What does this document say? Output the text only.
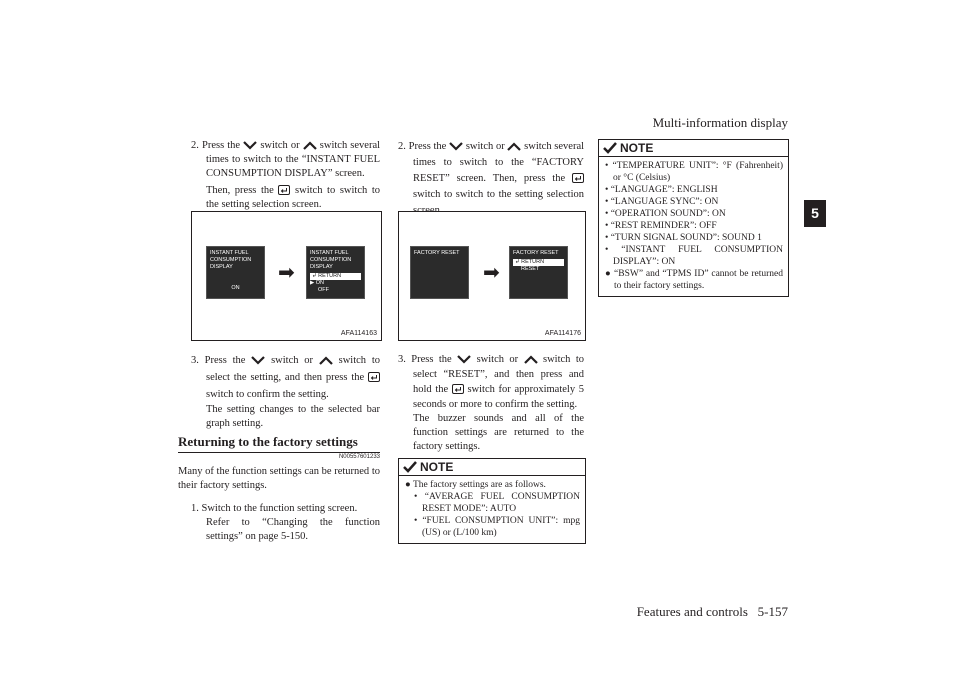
Multi-information display
Features and controls 5-157
5
2. Press the switch or switch several times to switch to the “INSTANT FUEL CONSUMPTION DISPLAY” screen.
Then, press the switch to switch to the setting selection screen.
INSTANT FUEL
CONSUMPTION DISPLAY
ON
➡
INSTANT FUEL
CONSUMPTION DISPLAY
↲ RETURN
▶ ON
OFF
AFA114163
3. Press the switch or switch to select the setting, and then press the  switch to confirm the setting.
The setting changes to the selected bar graph setting.
Returning to the factory settings
N00557601233
Many of the function settings can be returned to their factory settings.
1. Switch to the function setting screen.
Refer to “Changing the function settings” on page 5-150.
2. Press the switch or switch several times to switch to the “FACTORY RESET” screen. Then, press the  switch to switch to the setting selection
FACTORY RESET
➡
FACTORY RESET
↲ RETURN
RESET
AFA114176
3. Press the switch or switch to select “RESET”, and then press and hold the switch for approximately 5 seconds or more to confirm the setting.
The buzzer sounds and all of the function settings are returned to the factory settings.
NOTE
● The factory settings are as follows.
• “AVERAGE FUEL CONSUMPTION RESET MODE”: AUTO
• “FUEL CONSUMPTION UNIT”: mpg (US) or (L/100 km)
NOTE
• “TEMPERATURE UNIT”: °F (Fahrenheit) or °C (Celsius)
• “LANGUAGE”: ENGLISH
• “LANGUAGE SYNC”: ON
• “OPERATION SOUND”: ON
• “REST REMINDER”: OFF
• “TURN SIGNAL SOUND”: SOUND 1
• “INSTANT FUEL CONSUMPTION DISPLAY”: ON
● “BSW” and “TPMS ID” cannot be returned to their factory settings.
